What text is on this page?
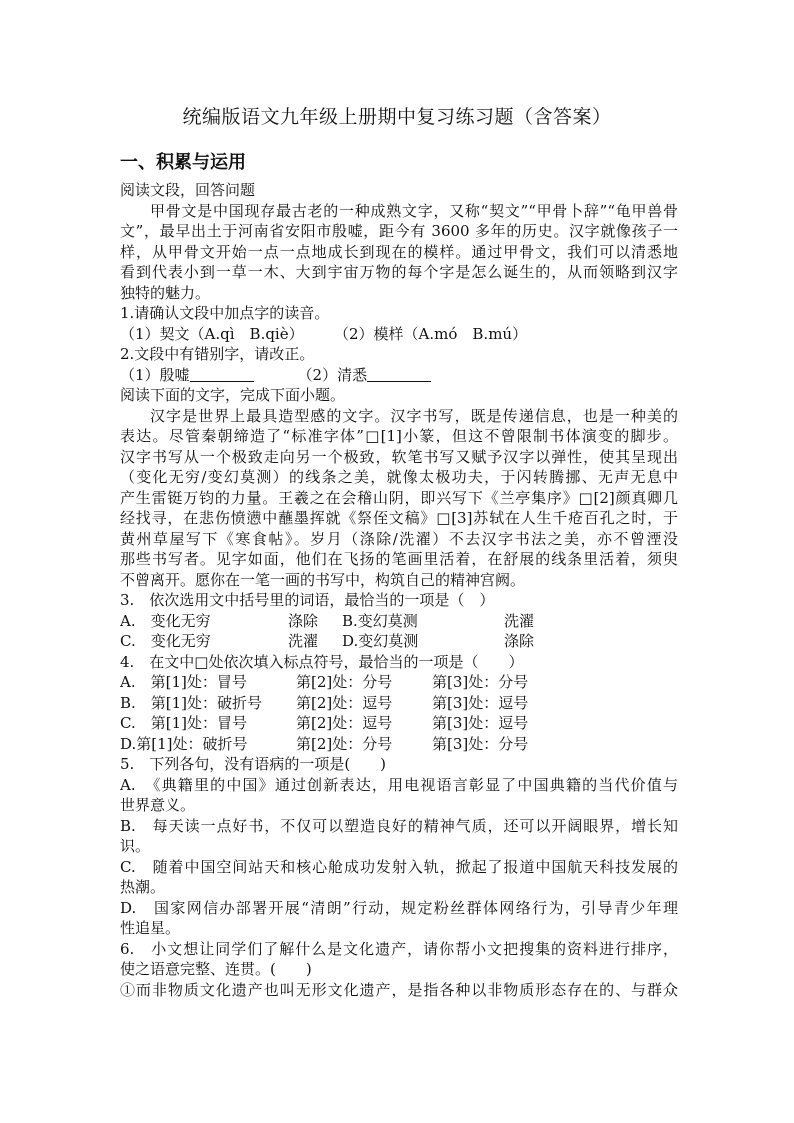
统编版语文九年级上册期中复习练习题（含答案）
一、积累与运用
阅读文段，回答问题
甲骨文是中国现存最古老的一种成熟文字，又称“契文”“甲骨卜辞”“龟甲兽骨
文”，最早出土于河南省安阳市殷嘘，距今有 3600 多年的历史。汉字就像孩子一
样，从甲骨文开始一点一点地成长到现在的模样。通过甲骨文，我们可以清悉地
看到代表小到一草一木、大到宇宙万物的每个字是怎么诞生的，从而领略到汉字
独特的魅力。
1.请确认文段中加点字的读音。
（1）契文（A.qì　B.qiè） （2）模样（A.mó　B.mú）
2.文段中有错别字，请改正。
（1）殷嘘	（2）清悉
阅读下面的文字，完成下面小题。
汉字是世界上最具造型感的文字。汉字书写，既是传递信息，也是一种美的
表达。尽管秦朝缔造了“标准字体”□[1]小篆，但这不曾限制书体演变的脚步。
汉字书写从一个极致走向另一个极致，软笔书写又赋予汉字以弹性，使其呈现出
（变化无穷/变幻莫测）的线条之美，就像太极功夫，于闪转腾挪、无声无息中
产生雷铤万钧的力量。王羲之在会稽山阴，即兴写下《兰亭集序》□[2]颜真卿几
经找寻，在悲伤愤懑中蘸墨挥就《祭侄文稿》□[3]苏轼在人生千疮百孔之时，于
黄州草屋写下《寒食帖》。岁月（涤除/洗濯）不去汉字书法之美，亦不曾湮没
那些书写者。见字如面，他们在飞扬的笔画里活着，在舒展的线条里活着，须臾
不曾离开。愿你在一笔一画的书写中，构筑自己的精神宫阙。
3.　依次选用文中括号里的词语，最恰当的一项是（　）
A.　变化无穷	涤除 B.变幻莫测	洗濯
C.　变化无穷	洗濯 D.变幻莫测	涤除
4.　在文中□处依次填入标点符号，最恰当的一项是（　　）
A.　第[1]处：冒号	第[2]处：分号	第[3]处：分号
B.　第[1]处：破折号 第[2]处：逗号	第[3]处：逗号
C.　第[1]处：冒号	第[2]处：逗号	第[3]处：逗号
D.第[1]处：破折号	第[2]处：分号	第[3]处：分号
5.　下列各句，没有语病的一项是(　　)
A.　《典籍里的中国》通过创新表达，用电视语言彰显了中国典籍的当代价值与
世界意义。
B.　每天读一点好书，不仅可以塑造良好的精神气质，还可以开阔眼界，增长知
识。
C.　随着中国空间站天和核心舱成功发射入轨，掀起了报道中国航天科技发展的
热潮。
D.　国家网信办部署开展“清朗”行动，规定粉丝群体网络行为，引导青少年理
性追星。
6.　小文想让同学们了解什么是文化遗产，请你帮小文把搜集的资料进行排序，
使之语意完整、连贯。(　　)
①而非物质文化遗产也叫无形文化遗产，是指各种以非物质形态存在的、与群众
